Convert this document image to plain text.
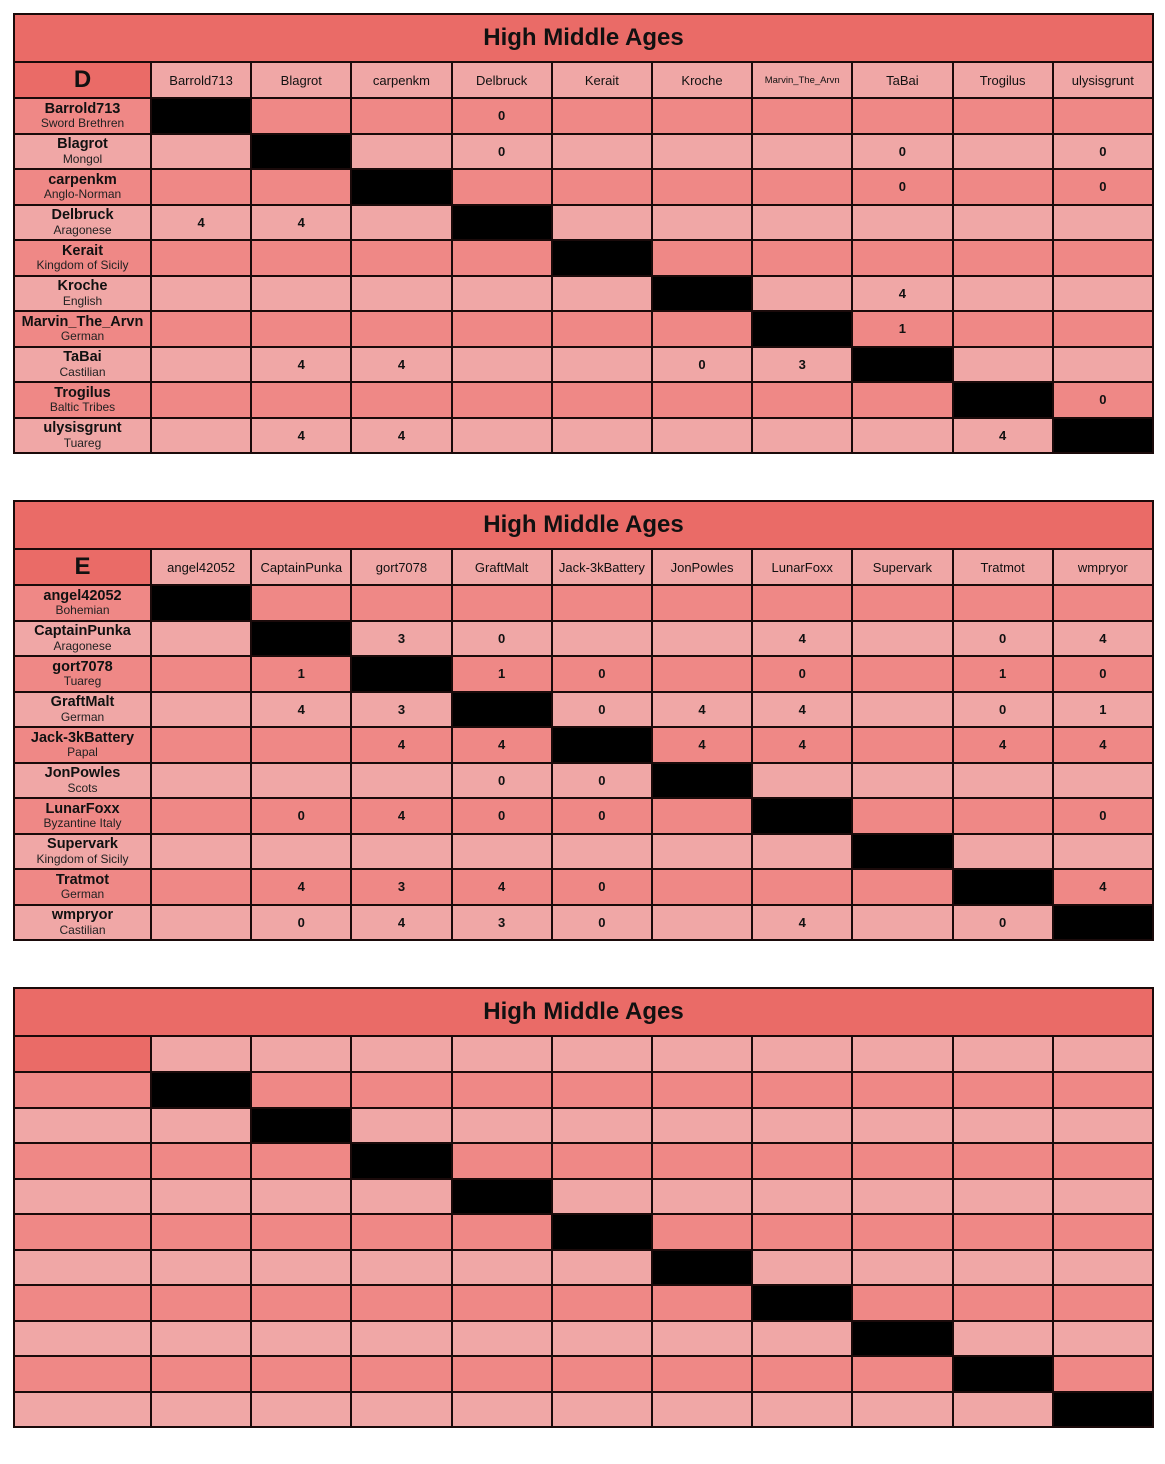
High Middle Ages										
D	Barrold713	Blagrot	carpenkm	Delbruck	Kerait	Kroche	Marvin_The_Arvn	TaBai	Trogilus	ulysisgrunt

Barrold713
Sword Brethren				0						

Blagrot
Mongol				0				0		0

carpenkm
Anglo-Norman								0		0

Delbruck
Aragonese	4	4								

Kerait
Kingdom of Sicily										

Kroche
English								4		

Marvin_The_Arvn
German								1		

TaBai
Castilian		4	4			0	3			

Trogilus
Baltic Tribes										0

ulysisgrunt
Tuareg		4	4						4	
High Middle Ages										
E	angel42052	CaptainPunka	gort7078	GraftMalt	Jack-3kBattery	JonPowles	LunarFoxx	Supervark	Tratmot	wmpryor

angel42052
Bohemian										

CaptainPunka
Aragonese			3	0			4		0	4

gort7078
Tuareg		1		1	0		0		1	0

GraftMalt
German		4	3		0	4	4		0	1

Jack-3kBattery
Papal			4	4		4	4		4	4

JonPowles
Scots				0	0					

LunarFoxx
Byzantine Italy		0	4	0	0					0

Supervark
Kingdom of Sicily										

Tratmot
German		4	3	4	0					4

wmpryor
Castilian		0	4	3	0		4		0	
High Middle Ages										
